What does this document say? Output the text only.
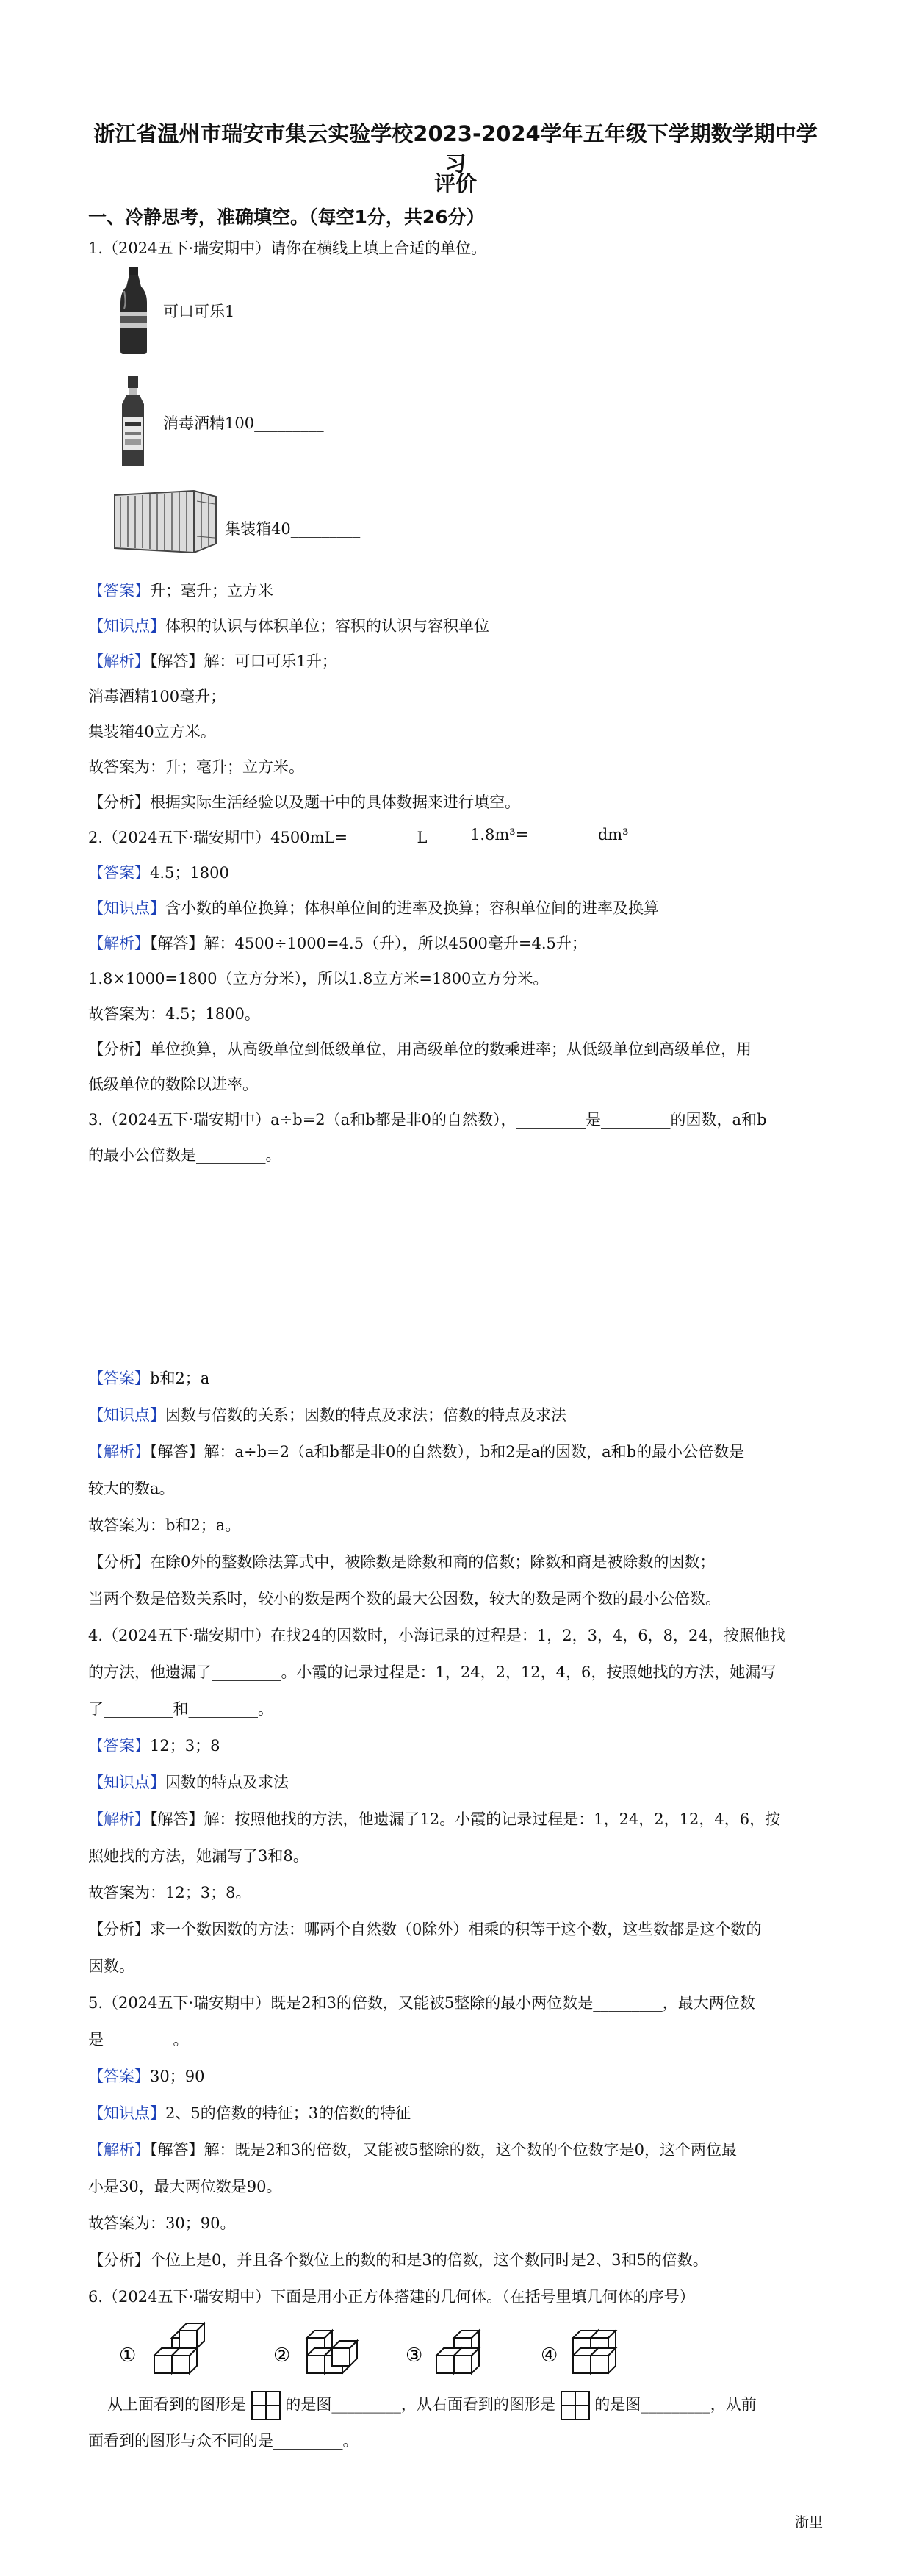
浙江省温州市瑞安市集云实验学校2023-2024学年五年级下学期数学期中学习
评价
一、冷静思考，准确填空。（每空1分，共26分）
1.（2024五下·瑞安期中）请你在横线上填上合适的单位。
可口可乐1_________
消毒酒精100_________
集装箱40_________
【答案】升；毫升；立方米
【知识点】体积的认识与体积单位；容积的认识与容积单位
【解析】【解答】解：可口可乐1升；
消毒酒精100毫升；
集装箱40立方米。
故答案为：升；毫升；立方米。
【分析】根据实际生活经验以及题干中的具体数据来进行填空。
2.（2024五下·瑞安期中）4500mL=_________L	1.8m³=_________dm³
【答案】4.5；1800
【知识点】含小数的单位换算；体积单位间的进率及换算；容积单位间的进率及换算
【解析】【解答】解：4500÷1000=4.5（升），所以4500毫升=4.5升；
1.8×1000=1800（立方分米），所以1.8立方米=1800立方分米。
故答案为：4.5；1800。
【分析】单位换算，从高级单位到低级单位，用高级单位的数乘进率；从低级单位到高级单位，用
低级单位的数除以进率。
3.（2024五下·瑞安期中）a÷b=2（a和b都是非0的自然数），_________是_________的因数，a和b
的最小公倍数是_________。
【答案】b和2；a
【知识点】因数与倍数的关系；因数的特点及求法；倍数的特点及求法
【解析】【解答】解：a÷b=2（a和b都是非0的自然数），b和2是a的因数，a和b的最小公倍数是
较大的数a。
故答案为：b和2；a。
【分析】在除0外的整数除法算式中，被除数是除数和商的倍数；除数和商是被除数的因数；
当两个数是倍数关系时，较小的数是两个数的最大公因数，较大的数是两个数的最小公倍数。
4.（2024五下·瑞安期中）在找24的因数时，小海记录的过程是：1，2，3，4，6，8，24，按照他找
的方法，他遗漏了_________。小霞的记录过程是：1，24，2，12，4，6，按照她找的方法，她漏写
了_________和_________。
【答案】12；3；8
【知识点】因数的特点及求法
【解析】【解答】解：按照他找的方法，他遗漏了12。小霞的记录过程是：1，24，2，12，4，6，按
照她找的方法，她漏写了3和8。
故答案为：12；3；8。
【分析】求一个数因数的方法：哪两个自然数（0除外）相乘的积等于这个数，这些数都是这个数的
因数。
5.（2024五下·瑞安期中）既是2和3的倍数，又能被5整除的最小两位数是_________，最大两位数
是_________。
【答案】30；90
【知识点】2、5的倍数的特征；3的倍数的特征
【解析】【解答】解：既是2和3的倍数，又能被5整除的数，这个数的个位数字是0，这个两位最
小是30，最大两位数是90。
故答案为：30；90。
【分析】个位上是0，并且各个数位上的数的和是3的倍数，这个数同时是2、3和5的倍数。
6.（2024五下·瑞安期中）下面是用小正方体搭建的几何体。（在括号里填几何体的序号）
①	②	③	④
从上面看到的图形是	的是图_________，从右面看到的图形是	的是图_________，从前
面看到的图形与众不同的是_________。
浙里
